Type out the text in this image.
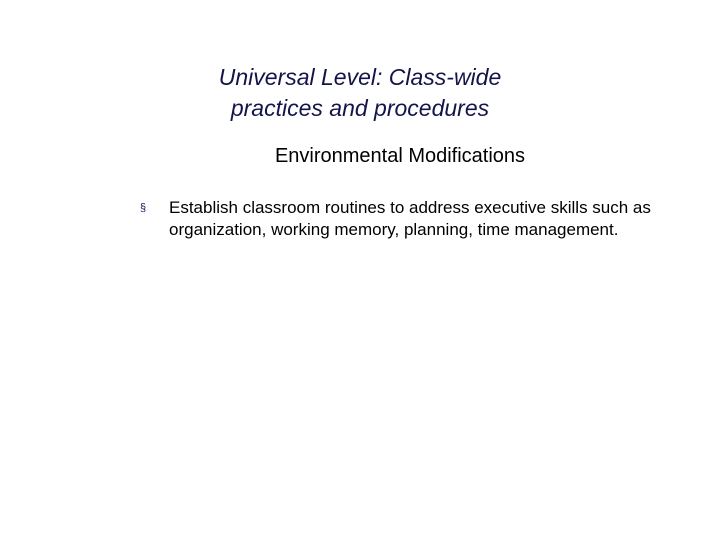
Universal Level: Class-wide
practices and procedures
Environmental Modifications
§	Establish classroom routines to address executive skills such as organization, working memory, planning, time management.
